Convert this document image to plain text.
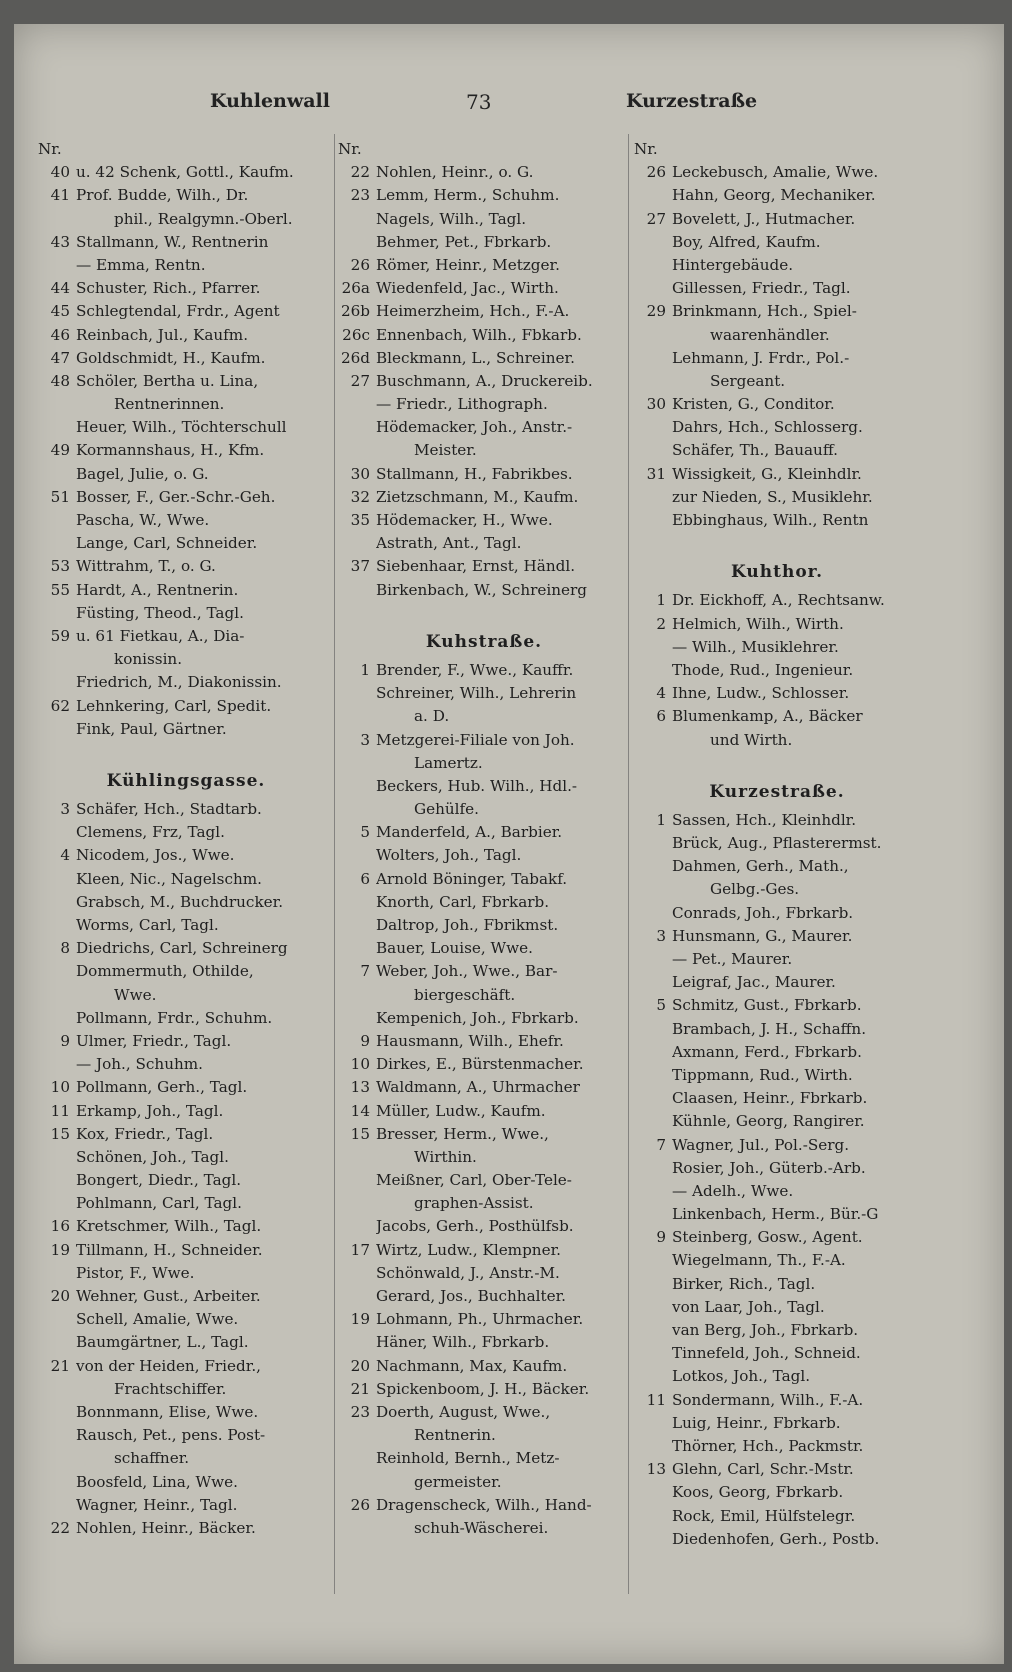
Kuhlenwall	73	Kurzestraße
Nr.
40 u. 42 Schenk, Gottl., Kaufm.
41 Prof. Budde, Wilh., Dr.
phil., Realgymn.-Oberl.
43 Stallmann, W., Rentnerin
— Emma, Rentn.
44 Schuster, Rich., Pfarrer.
45 Schlegtendal, Frdr., Agent
46 Reinbach, Jul., Kaufm.
47 Goldschmidt, H., Kaufm.
48 Schöler, Bertha u. Lina,
Rentnerinnen.
Heuer, Wilh., Töchterschull
49 Kormannshaus, H., Kfm.
Bagel, Julie, o. G.
51 Bosser, F., Ger.-Schr.-Geh.
Pascha, W., Wwe.
Lange, Carl, Schneider.
53 Wittrahm, T., o. G.
55 Hardt, A., Rentnerin.
Füsting, Theod., Tagl.
59 u. 61 Fietkau, A., Dia-
konissin.
Friedrich, M., Diakonissin.
62 Lehnkering, Carl, Spedit.
Fink, Paul, Gärtner.
Kühlingsgasse.
3 Schäfer, Hch., Stadtarb.
Clemens, Frz, Tagl.
4 Nicodem, Jos., Wwe.
Kleen, Nic., Nagelschm.
Grabsch, M., Buchdrucker.
Worms, Carl, Tagl.
8 Diedrichs, Carl, Schreinerg
Dommermuth, Othilde,
Wwe.
Pollmann, Frdr., Schuhm.
9 Ulmer, Friedr., Tagl.
— Joh., Schuhm.
10 Pollmann, Gerh., Tagl.
11 Erkamp, Joh., Tagl.
15 Kox, Friedr., Tagl.
Schönen, Joh., Tagl.
Bongert, Diedr., Tagl.
Pohlmann, Carl, Tagl.
16 Kretschmer, Wilh., Tagl.
19 Tillmann, H., Schneider.
Pistor, F., Wwe.
20 Wehner, Gust., Arbeiter.
Schell, Amalie, Wwe.
Baumgärtner, L., Tagl.
21 von der Heiden, Friedr.,
Frachtschiffer.
Bonnmann, Elise, Wwe.
Rausch, Pet., pens. Post-
schaffner.
Boosfeld, Lina, Wwe.
Wagner, Heinr., Tagl.
22 Nohlen, Heinr., Bäcker.
Nr.
22 Nohlen, Heinr., o. G.
23 Lemm, Herm., Schuhm.
Nagels, Wilh., Tagl.
Behmer, Pet., Fbrkarb.
26 Römer, Heinr., Metzger.
26a Wiedenfeld, Jac., Wirth.
26b Heimerzheim, Hch., F.-A.
26c Ennenbach, Wilh., Fbkarb.
26d Bleckmann, L., Schreiner.
27 Buschmann, A., Druckereib.
— Friedr., Lithograph.
Hödemacker, Joh., Anstr.-
Meister.
30 Stallmann, H., Fabrikbes.
32 Zietzschmann, M., Kaufm.
35 Hödemacker, H., Wwe.
Astrath, Ant., Tagl.
37 Siebenhaar, Ernst, Händl.
Birkenbach, W., Schreinerg
Kuhstraße.
1 Brender, F., Wwe., Kauffr.
Schreiner, Wilh., Lehrerin
a. D.
3 Metzgerei-Filiale von Joh.
Lamertz.
Beckers, Hub. Wilh., Hdl.-
Gehülfe.
5 Manderfeld, A., Barbier.
Wolters, Joh., Tagl.
6 Arnold Böninger, Tabakf.
Knorth, Carl, Fbrkarb.
Daltrop, Joh., Fbrikmst.
Bauer, Louise, Wwe.
7 Weber, Joh., Wwe., Bar-
biergeschäft.
Kempenich, Joh., Fbrkarb.
9 Hausmann, Wilh., Ehefr.
10 Dirkes, E., Bürstenmacher.
13 Waldmann, A., Uhrmacher
14 Müller, Ludw., Kaufm.
15 Bresser, Herm., Wwe.,
Wirthin.
Meißner, Carl, Ober-Tele-
graphen-Assist.
Jacobs, Gerh., Posthülfsb.
17 Wirtz, Ludw., Klempner.
Schönwald, J., Anstr.-M.
Gerard, Jos., Buchhalter.
19 Lohmann, Ph., Uhrmacher.
Häner, Wilh., Fbrkarb.
20 Nachmann, Max, Kaufm.
21 Spickenboom, J. H., Bäcker.
23 Doerth, August, Wwe.,
Rentnerin.
Reinhold, Bernh., Metz-
germeister.
26 Dragenscheck, Wilh., Hand-
schuh-Wäscherei.
Nr.
26 Leckebusch, Amalie, Wwe.
Hahn, Georg, Mechaniker.
27 Bovelett, J., Hutmacher.
Boy, Alfred, Kaufm.
Hintergebäude.
Gillessen, Friedr., Tagl.
29 Brinkmann, Hch., Spiel-
waarenhändler.
Lehmann, J. Frdr., Pol.-
Sergeant.
30 Kristen, G., Conditor.
Dahrs, Hch., Schlosserg.
Schäfer, Th., Bauauff.
31 Wissigkeit, G., Kleinhdlr.
zur Nieden, S., Musiklehr.
Ebbinghaus, Wilh., Rentn
Kuhthor.
1 Dr. Eickhoff, A., Rechtsanw.
2 Helmich, Wilh., Wirth.
— Wilh., Musiklehrer.
Thode, Rud., Ingenieur.
4 Ihne, Ludw., Schlosser.
6 Blumenkamp, A., Bäcker
und Wirth.
Kurzestraße.
1 Sassen, Hch., Kleinhdlr.
Brück, Aug., Pflasterermst.
Dahmen, Gerh., Math.,
Gelbg.-Ges.
Conrads, Joh., Fbrkarb.
3 Hunsmann, G., Maurer.
— Pet., Maurer.
Leigraf, Jac., Maurer.
5 Schmitz, Gust., Fbrkarb.
Brambach, J. H., Schaffn.
Axmann, Ferd., Fbrkarb.
Tippmann, Rud., Wirth.
Claasen, Heinr., Fbrkarb.
Kühnle, Georg, Rangirer.
7 Wagner, Jul., Pol.-Serg.
Rosier, Joh., Güterb.-Arb.
— Adelh., Wwe.
Linkenbach, Herm., Bür.-G
9 Steinberg, Gosw., Agent.
Wiegelmann, Th., F.-A.
Birker, Rich., Tagl.
von Laar, Joh., Tagl.
van Berg, Joh., Fbrkarb.
Tinnefeld, Joh., Schneid.
Lotkos, Joh., Tagl.
11 Sondermann, Wilh., F.-A.
Luig, Heinr., Fbrkarb.
Thörner, Hch., Packmstr.
13 Glehn, Carl, Schr.-Mstr.
Koos, Georg, Fbrkarb.
Rock, Emil, Hülfstelegr.
Diedenhofen, Gerh., Postb.
